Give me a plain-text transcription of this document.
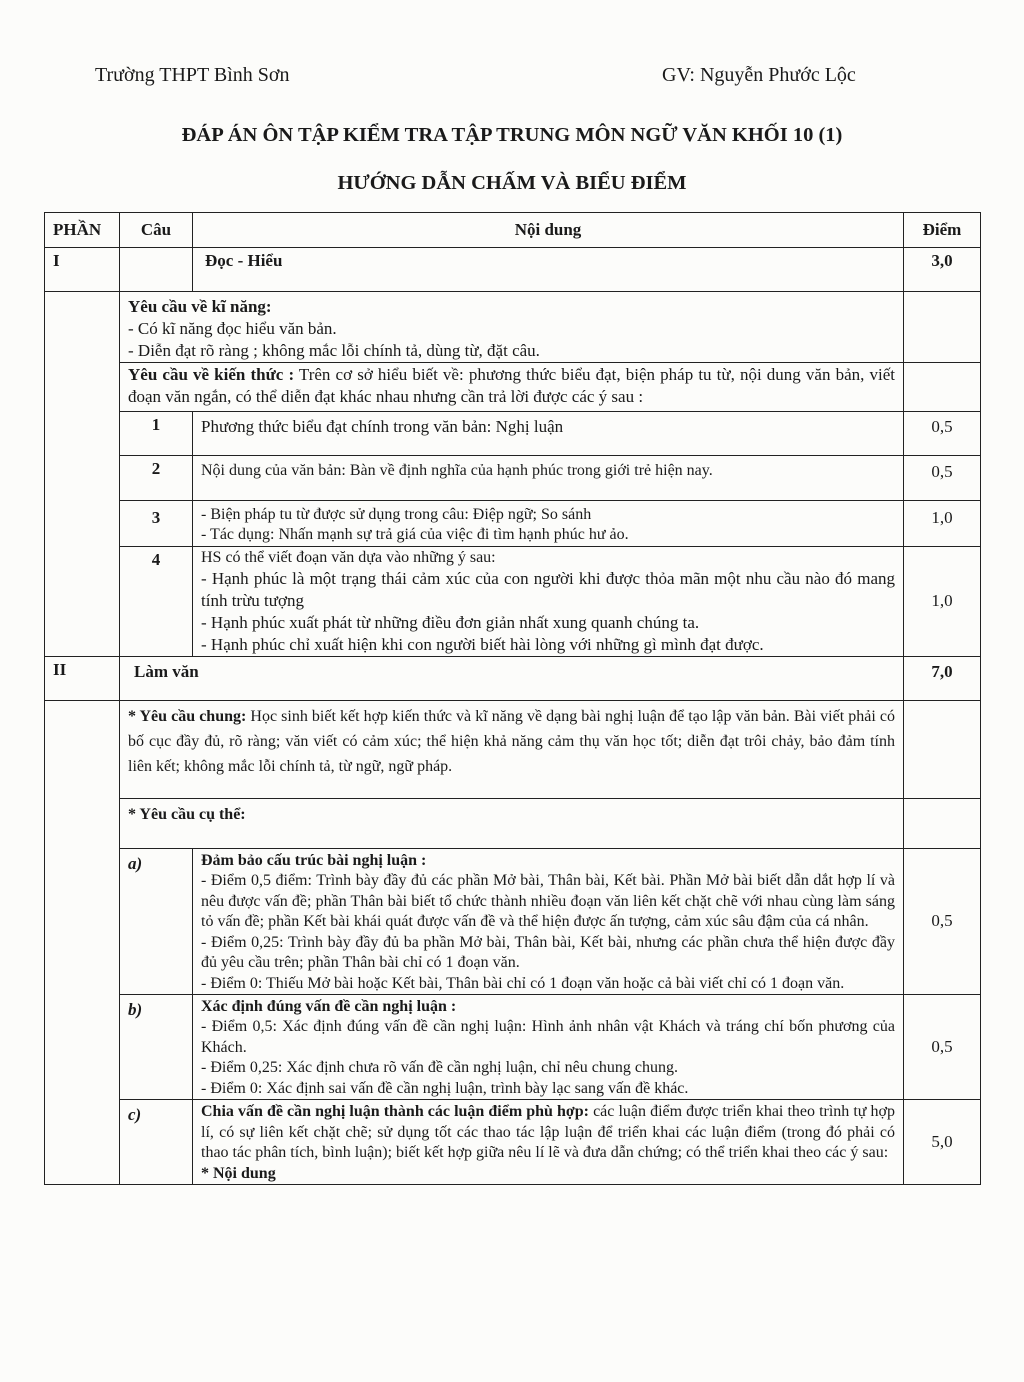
Trường THPT Bình Sơn	GV: Nguyễn Phước Lộc
ĐÁP ÁN ÔN TẬP KIỂM TRA TẬP TRUNG MÔN NGỮ VĂN KHỐI 10 (1)
HƯỚNG DẪN CHẤM VÀ BIỂU ĐIỂM
PHẦN	Câu	Nội dung	Điểm
I		Đọc - Hiểu	3,0

	Yêu cầu về kĩ năng:
- Có kĩ năng đọc hiểu văn bản.
- Diễn đạt rõ ràng ; không mắc lỗi chính tả, dùng từ, đặt câu.		

	Yêu cầu về kiến thức : Trên cơ sở hiểu biết về: phương thức biểu đạt, biện pháp tu từ, nội dung văn bản, viết đoạn văn ngắn, có thể diễn đạt khác nhau nhưng cần trả lời được các ý sau :		
	1	Phương thức biểu đạt chính trong văn bản: Nghị luận	0,5
	2	Nội dung của văn bản: Bàn về định nghĩa của hạnh phúc trong giới trẻ hiện nay.	0,5
	3	- Biện pháp tu từ được sử dụng trong câu: Điệp ngữ; So sánh
- Tác dụng: Nhấn mạnh sự trả giá của việc đi tìm hạnh phúc hư ảo.	1,0
	4	HS có thể viết đoạn văn dựa vào những ý sau:
- Hạnh phúc là một trạng thái cảm xúc của con người khi được thỏa mãn một nhu cầu nào đó mang tính trừu tượng
- Hạnh phúc xuất phát từ những điều đơn giản nhất xung quanh chúng ta.
- Hạnh phúc chỉ xuất hiện khi con người biết hài lòng với những gì mình đạt được.	1,0
II	Làm văn		7,0
	* Yêu cầu chung: Học sinh biết kết hợp kiến thức và kĩ năng về dạng bài nghị luận để tạo lập văn bản. Bài viết phải có bố cục đầy đủ, rõ ràng; văn viết có cảm xúc; thể hiện khả năng cảm thụ văn học tốt; diễn đạt trôi chảy, bảo đảm tính liên kết; không mắc lỗi chính tả, từ ngữ, ngữ pháp.		
	* Yêu cầu cụ thể:		
	a)	Đảm bảo cấu trúc bài nghị luận :
- Điểm 0,5 điểm: Trình bày đầy đủ các phần Mở bài, Thân bài, Kết bài. Phần Mở bài biết dẫn dắt hợp lí và nêu được vấn đề; phần Thân bài biết tổ chức thành nhiều đoạn văn liên kết chặt chẽ với nhau cùng làm sáng tỏ vấn đề; phần Kết bài khái quát được vấn đề và thể hiện được ấn tượng, cảm xúc sâu đậm của cá nhân.
- Điểm 0,25: Trình bày đầy đủ ba phần Mở bài, Thân bài, Kết bài, nhưng các phần chưa thể hiện được đầy đủ yêu cầu trên; phần Thân bài chỉ có 1 đoạn văn.
- Điểm 0: Thiếu Mở bài hoặc Kết bài, Thân bài chỉ có 1 đoạn văn hoặc cả bài viết chỉ có 1 đoạn văn.	0,5
	b)	Xác định đúng vấn đề cần nghị luận :
- Điểm 0,5: Xác định đúng vấn đề cần nghị luận: Hình ảnh nhân vật Khách và tráng chí bốn phương của Khách.
- Điểm 0,25: Xác định chưa rõ vấn đề cần nghị luận, chỉ nêu chung chung.
- Điểm 0: Xác định sai vấn đề cần nghị luận, trình bày lạc sang vấn đề khác.	0,5
	c)	Chia vấn đề cần nghị luận thành các luận điểm phù hợp: các luận điểm được triển khai theo trình tự hợp lí, có sự liên kết chặt chẽ; sử dụng tốt các thao tác lập luận để triển khai các luận điểm (trong đó phải có thao tác phân tích, bình luận); biết kết hợp giữa nêu lí lẽ và đưa dẫn chứng; có thể triển khai theo các ý sau:
* Nội dung	5,0
